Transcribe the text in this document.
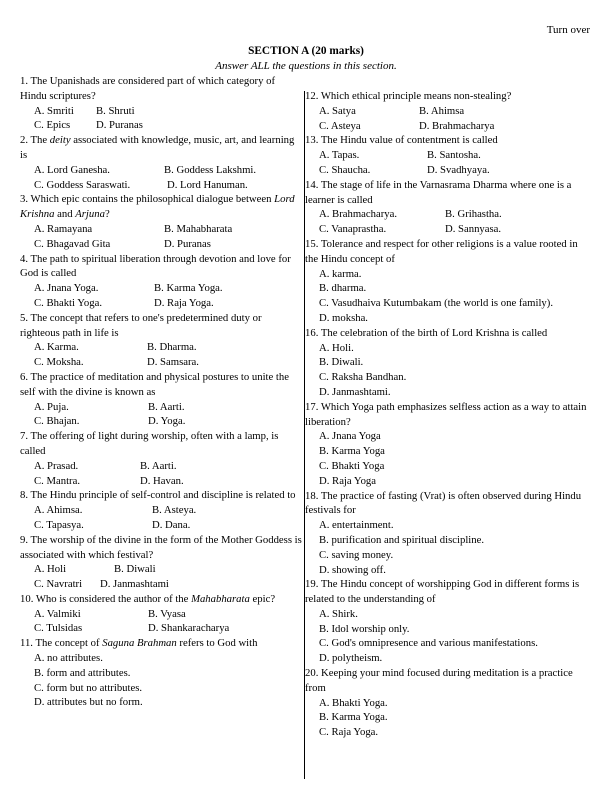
Turn over
SECTION A (20 marks)
Answer ALL the questions in this section.

1. The Upanishads are considered part of which category of Hindu scriptures?

A. Smriti	B. Shruti
C. Epics	D. Puranas

2. The deity associated with knowledge, music, art, and learning is

A. Lord Ganesha.	B. Goddess Lakshmi.
C. Goddess Saraswati.	D. Lord Hanuman.

3. Which epic contains the philosophical dialogue between Lord Krishna and Arjuna?

A. Ramayana	B. Mahabharata
C. Bhagavad Gita	D. Puranas

4. The path to spiritual liberation through devotion and love for God is called

A. Jnana Yoga.	B. Karma Yoga.
C. Bhakti Yoga.	D. Raja Yoga.

5. The concept that refers to one's predetermined duty or righteous path in life is

A. Karma.	B. Dharma.
C. Moksha.	D. Samsara.

6. The practice of meditation and physical postures to unite the self with the divine is known as

A. Puja.	B. Aarti.
C. Bhajan.	D. Yoga.

7. The offering of light during worship, often with a lamp, is called

A. Prasad.	B. Aarti.
C. Mantra.	D. Havan.

8. The Hindu principle of self-control and discipline is related to

A. Ahimsa.	B. Asteya.
C. Tapasya.	D. Dana.

9. The worship of the divine in the form of the Mother Goddess is associated with which festival?

A. Holi	B. Diwali
C. Navratri	D. Janmashtami

10. Who is considered the author of the Mahabharata epic?

A. Valmiki	B. Vyasa
C. Tulsidas	D. Shankaracharya

11. The concept of Saguna Brahman refers to God with

A. no attributes.

B. form and attributes.

C. form but no attributes.

D. attributes but no form.

12. Which ethical principle means non-stealing?

A. Satya	B. Ahimsa
C. Asteya	D. Brahmacharya

13. The Hindu value of contentment is called

A. Tapas.	B. Santosha.
C. Shaucha.	D. Svadhyaya.

14. The stage of life in the Varnasrama Dharma where one is a learner is called

A. Brahmacharya.	B. Grihastha.
C. Vanaprastha.	D. Sannyasa.

15. Tolerance and respect for other religions is a value rooted in the Hindu concept of

A. karma.

B. dharma.

C. Vasudhaiva Kutumbakam (the world is one family).

D. moksha.

16. The celebration of the birth of Lord Krishna is called

A. Holi.

B. Diwali.

C. Raksha Bandhan.

D. Janmashtami.

17. Which Yoga path emphasizes selfless action as a way to attain liberation?

A. Jnana Yoga

B. Karma Yoga

C. Bhakti Yoga

D. Raja Yoga

18. The practice of fasting (Vrat) is often observed during Hindu festivals for

A. entertainment.

B. purification and spiritual discipline.

C. saving money.

D. showing off.

19. The Hindu concept of worshipping God in different forms is related to the understanding of

A. Shirk.

B. Idol worship only.

C. God's omnipresence and various manifestations.

D. polytheism.

20. Keeping your mind focused during meditation is a practice from

A. Bhakti Yoga.

B. Karma Yoga.

C. Raja Yoga.
